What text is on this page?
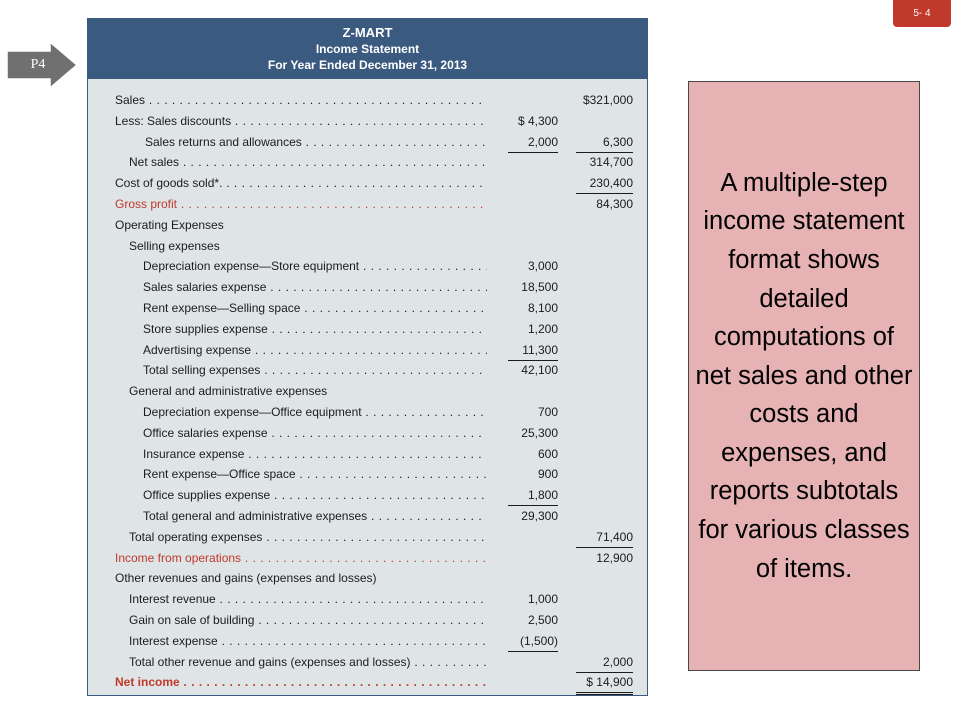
5- 4
P4
Z-MART
Income Statement
For Year Ended December 31, 2013
Sales . . .	$321,000
Less: Sales discounts . . .	$ 4,300
Sales returns and allowances . . .	2,000	6,300
Net sales . . .	314,700
Cost of goods sold*. . . .	230,400
Gross profit . . .	84,300
Operating Expenses
Selling expenses
Depreciation expense—Store equipment . . .	3,000
Sales salaries expense . . .	18,500
Rent expense—Selling space . . .	8,100
Store supplies expense . . .	1,200
Advertising expense . . .	11,300
Total selling expenses . . .	42,100
General and administrative expenses
Depreciation expense—Office equipment . . .	700
Office salaries expense . . .	25,300
Insurance expense . . .	600
Rent expense—Office space . . .	900
Office supplies expense . . .	1,800
Total general and administrative expenses . . .	29,300
Total operating expenses . . .	71,400
Income from operations . . .	12,900
Other revenues and gains (expenses and losses)
Interest revenue . . .	1,000
Gain on sale of building . . .	2,500
Interest expense . . .	(1,500)
Total other revenue and gains (expenses and losses) . . .	2,000
Net income . . .	$ 14,900
A multiple-step income statement format shows detailed computations of net sales and other costs and expenses, and reports subtotals for various classes of items.
